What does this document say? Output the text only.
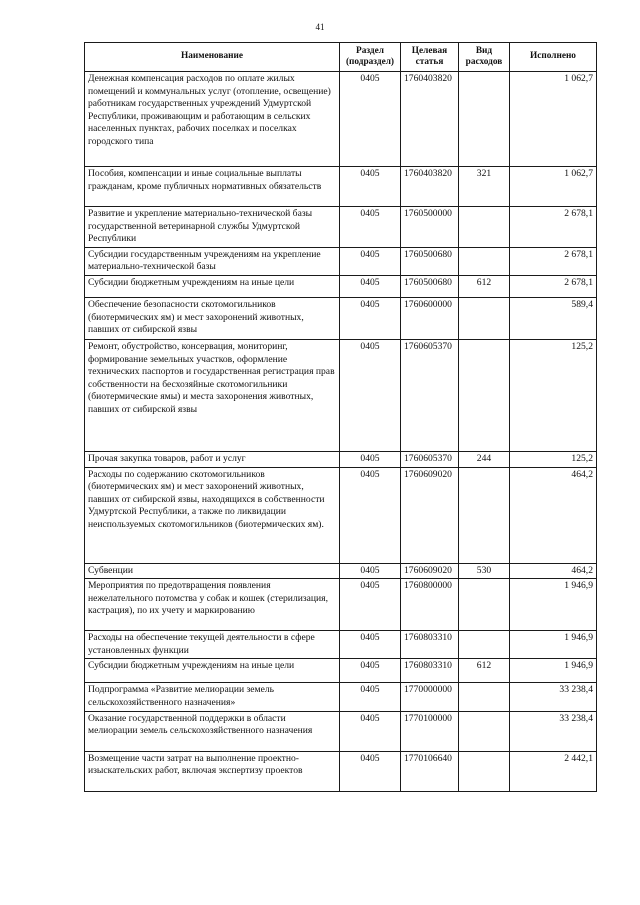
41
Наименование	Раздел (подраздел)	Целевая статья	Вид расходов	Исполнено
Денежная компенсация расходов по оплате жилых помещений и коммунальных услуг (отопление, освещение) работникам государственных учреждений Удмуртской Республики, проживающим и работающим в сельских населенных пунктах, рабочих поселках и поселках городского типа	0405	1760403820		1 062,7
Пособия, компенсации и иные социальные выплаты гражданам, кроме публичных нормативных обязательств	0405	1760403820	321	1 062,7
Развитие и укрепление материально-технической базы государственной ветеринарной службы Удмуртской Республики	0405	1760500000		2 678,1
Субсидии государственным учреждениям на укрепление материально-технической базы	0405	1760500680		2 678,1
Субсидии бюджетным учреждениям на иные цели	0405	1760500680	612	2 678,1
Обеспечение безопасности скотомогильников (биотермических ям) и мест захоронений животных, павших от сибирской язвы	0405	1760600000		589,4
Ремонт, обустройство, консервация, мониторинг, формирование земельных участков, оформление технических паспортов и государственная регистрация прав собственности на бесхозяйные скотомогильники (биотермические ямы) и места захоронения животных, павших от сибирской язвы	0405	1760605370		125,2
Прочая закупка товаров, работ и услуг	0405	1760605370	244	125,2
Расходы по содержанию скотомогильников (биотермических ям) и мест захоронений животных, павших от сибирской язвы, находящихся в собственности Удмуртской Республики, а также по ликвидации неиспользуемых скотомогильников (биотермических ям).	0405	1760609020		464,2
Субвенции	0405	1760609020	530	464,2
Мероприятия по предотвращения появления нежелательного потомства у собак и кошек (стерилизация, кастрация), по их учету и маркированию	0405	1760800000		1 946,9
Расходы на обеспечение текущей деятельности в сфере установленных функции	0405	1760803310		1 946,9
Субсидии бюджетным учреждениям на иные цели	0405	1760803310	612	1 946,9
Подпрограмма «Развитие мелиорации земель сельскохозяйственного назначения»	0405	1770000000		33 238,4
Оказание государственной поддержки в области мелиорации земель сельскохозяйственного назначения	0405	1770100000		33 238,4
Возмещение части затрат на выполнение проектно-изыскательских работ, включая экспертизу проектов	0405	1770106640		2 442,1
